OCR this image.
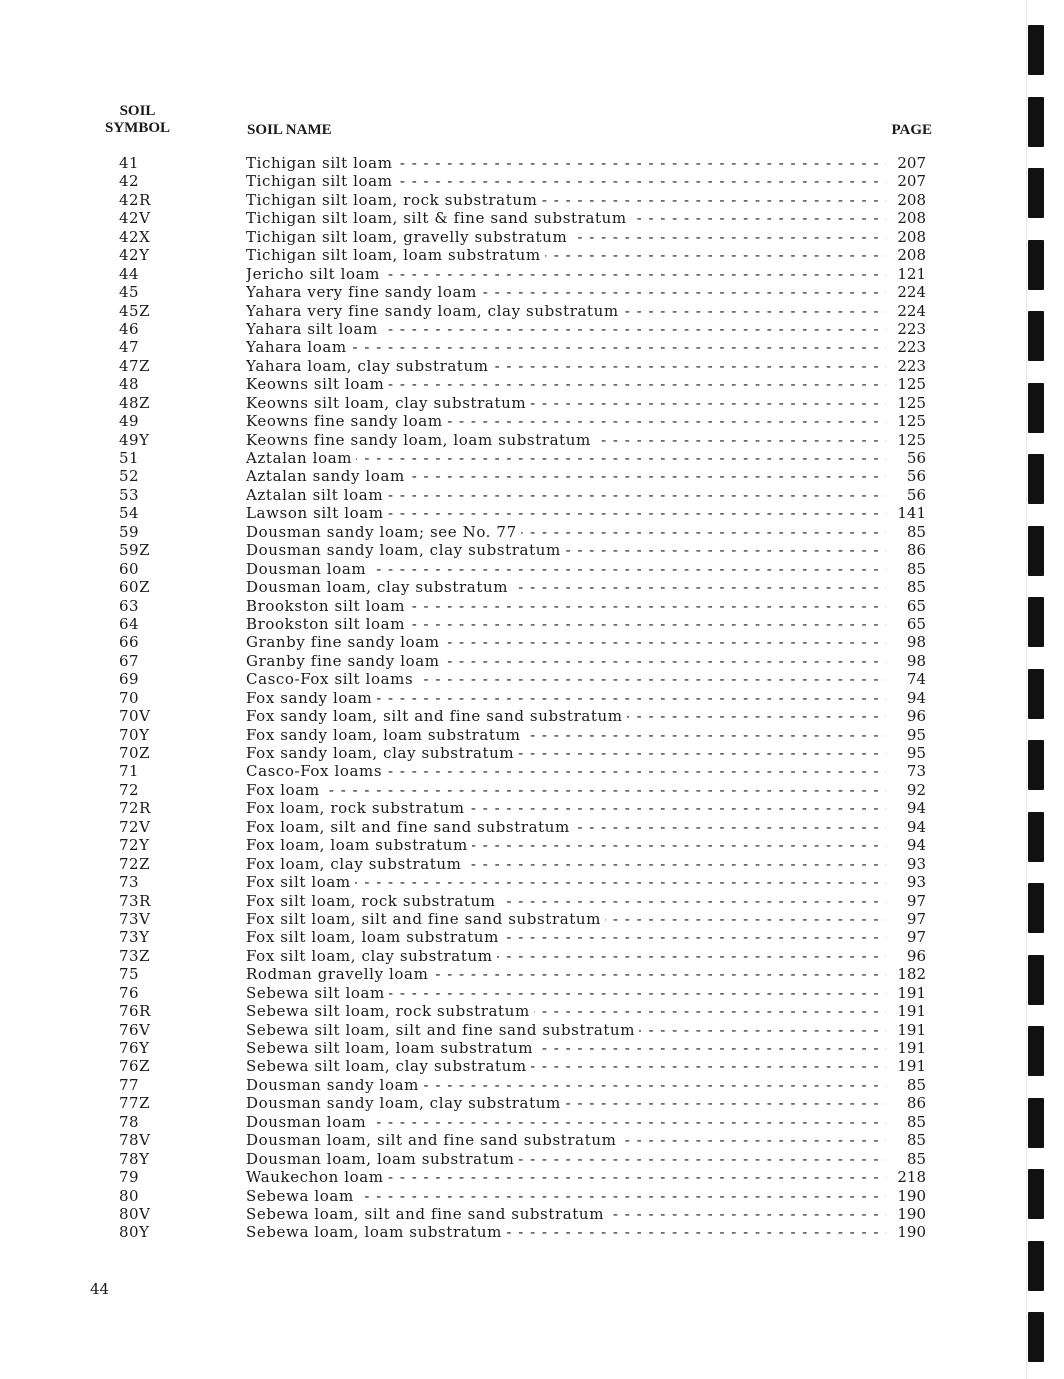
SOIL
SYMBOL	SOIL NAME	PAGE
41	Tichigan silt loam - - -	207
42	Tichigan silt loam - - -	207
42R	Tichigan silt loam, rock substratum - - -	208
42V	Tichigan silt loam, silt & fine sand substratum - - -	208
42X	Tichigan silt loam, gravelly substratum - - -	208
42Y	Tichigan silt loam, loam substratum - - -	208
44	Jericho silt loam - - -	121
45	Yahara very fine sandy loam - - -	224
45Z	Yahara very fine sandy loam, clay substratum - - -	224
46	Yahara silt loam - - -	223
47	Yahara loam - - -	223
47Z	Yahara loam, clay substratum - - -	223
48	Keowns silt loam - - -	125
48Z	Keowns silt loam, clay substratum - - -	125
49	Keowns fine sandy loam - - -	125
49Y	Keowns fine sandy loam, loam substratum - - -	125
51	Aztalan loam - - -	56
52	Aztalan sandy loam - - -	56
53	Aztalan silt loam - - -	56
54	Lawson silt loam - - -	141
59	Dousman sandy loam; see No. 77 - - -	85
59Z	Dousman sandy loam, clay substratum - - -	86
60	Dousman loam - - -	85
60Z	Dousman loam, clay substratum - - -	85
63	Brookston silt loam - - -	65
64	Brookston silt loam - - -	65
66	Granby fine sandy loam - - -	98
67	Granby fine sandy loam - - -	98
69	Casco-Fox silt loams - - -	74
70	Fox sandy loam - - -	94
70V	Fox sandy loam, silt and fine sand substratum - - -	96
70Y	Fox sandy loam, loam substratum - - -	95
70Z	Fox sandy loam, clay substratum - - -	95
71	Casco-Fox loams - - -	73
72	Fox loam - - -	92
72R	Fox loam, rock substratum - - -	94
72V	Fox loam, silt and fine sand substratum - - -	94
72Y	Fox loam, loam substratum - - -	94
72Z	Fox loam, clay substratum - - -	93
73	Fox silt loam - - -	93
73R	Fox silt loam, rock substratum - - -	97
73V	Fox silt loam, silt and fine sand substratum - - -	97
73Y	Fox silt loam, loam substratum - - -	97
73Z	Fox silt loam, clay substratum - - -	96
75	Rodman gravelly loam - - -	182
76	Sebewa silt loam - - -	191
76R	Sebewa silt loam, rock substratum - - -	191
76V	Sebewa silt loam, silt and fine sand substratum - - -	191
76Y	Sebewa silt loam, loam substratum - - -	191
76Z	Sebewa silt loam, clay substratum - - -	191
77	Dousman sandy loam - - -	85
77Z	Dousman sandy loam, clay substratum - - -	86
78	Dousman loam - - -	85
78V	Dousman loam, silt and fine sand substratum - - -	85
78Y	Dousman loam, loam substratum - - -	85
79	Waukechon loam - - -	218
80	Sebewa loam - - -	190
80V	Sebewa loam, silt and fine sand substratum - - -	190
80Y	Sebewa loam, loam substratum - - -	190
44
